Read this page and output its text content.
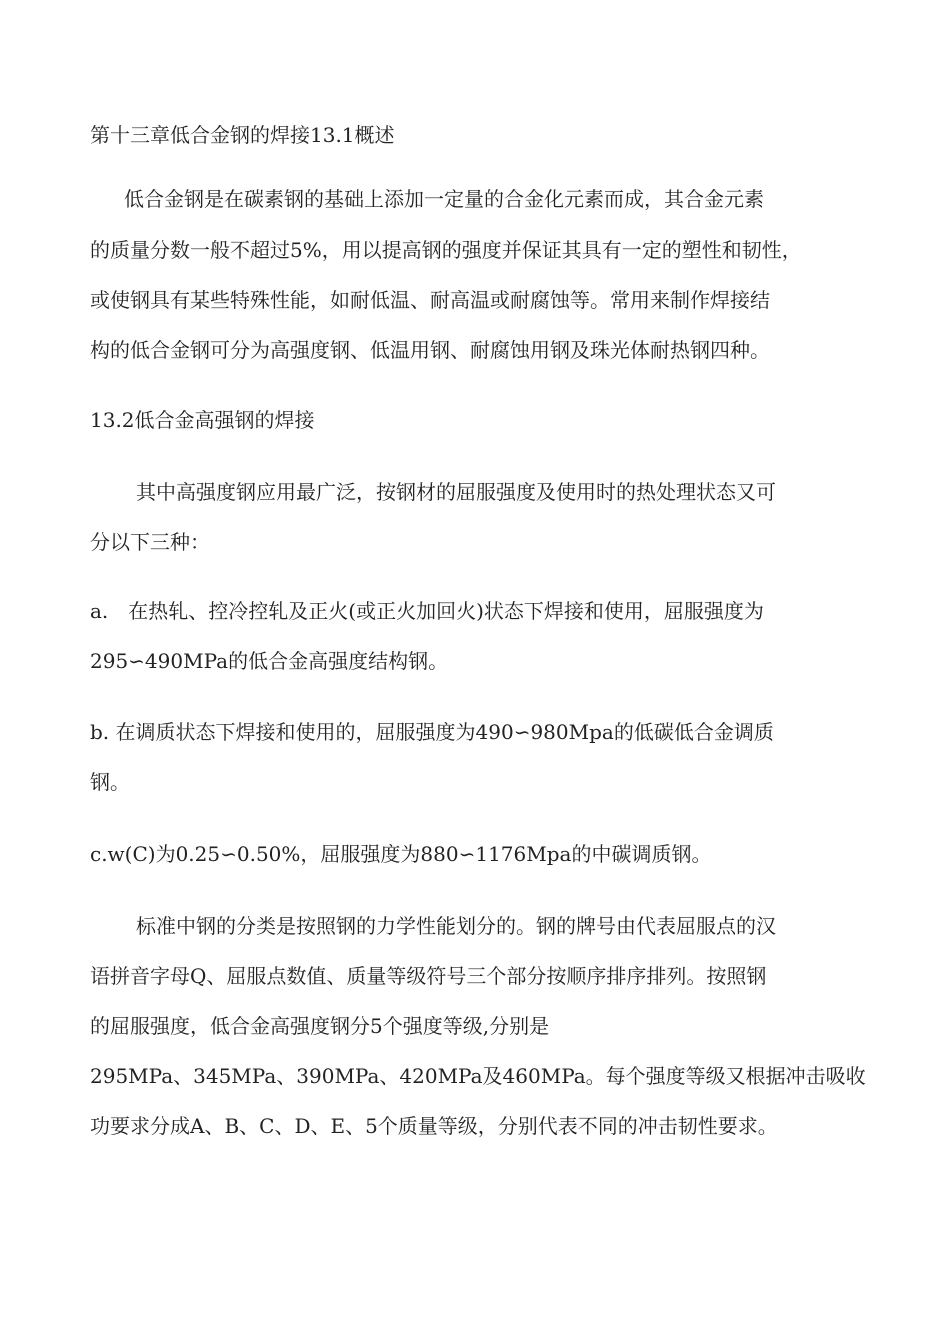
第十三章低合金钢的焊接13.1概述

低合金钢是在碳素钢的基础上添加一定量的合金化元素而成，其合金元素

的质量分数一般不超过5%，用以提高钢的强度并保证其具有一定的塑性和韧性，

或使钢具有某些特殊性能，如耐低温、耐高温或耐腐蚀等。常用来制作焊接结

构的低合金钢可分为高强度钢、低温用钢、耐腐蚀用钢及珠光体耐热钢四种。

13.2低合金高强钢的焊接

其中高强度钢应用最广泛，按钢材的屈服强度及使用时的热处理状态又可

分以下三种：

a.　在热轧、控冷控轧及正火(或正火加回火)状态下焊接和使用，屈服强度为

295∽490MPa的低合金高强度结构钢。

b. 在调质状态下焊接和使用的，屈服强度为490∽980Mpa的低碳低合金调质

钢。

c.w(C)为0.25∽0.50%，屈服强度为880∽1176Mpa的中碳调质钢。

标准中钢的分类是按照钢的力学性能划分的。钢的牌号由代表屈服点的汉

语拼音字母Q、屈服点数值、质量等级符号三个部分按顺序排序排列。按照钢

的屈服强度，低合金高强度钢分5个强度等级,分别是

295MPa、345MPa、390MPa、420MPa及460MPa。每个强度等级又根据冲击吸收

功要求分成A、B、C、D、E、5个质量等级，分别代表不同的冲击韧性要求。
